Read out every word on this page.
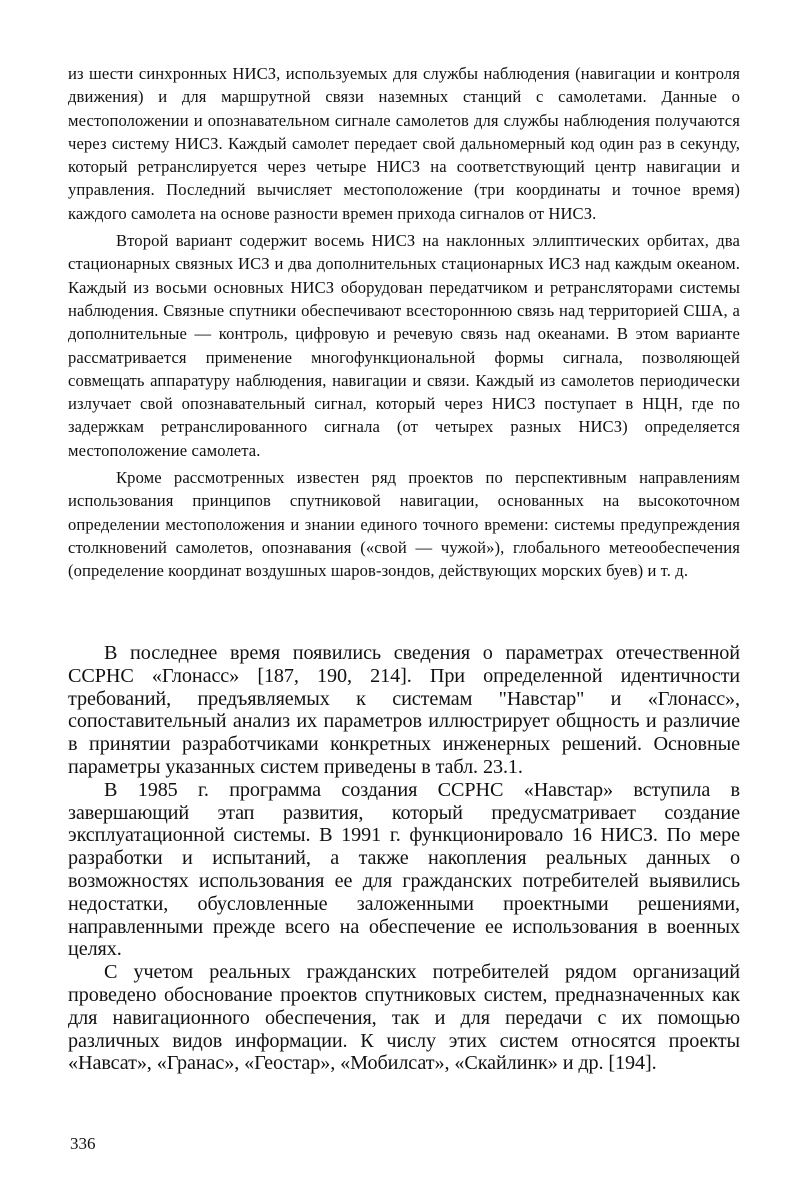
из шести синхронных НИСЗ, используемых для службы наблюдения (навигации и контроля движения) и для маршрутной связи наземных станций с самолетами. Данные о местоположении и опознавательном сигнале самолетов для службы наблюдения получаются через систему НИСЗ. Каждый самолет передает свой дальномерный код один раз в секунду, который ретранслируется через четыре НИСЗ на соответствующий центр навигации и управления. Последний вычисляет местоположение (три координаты и точное время) каждого самолета на основе разности времен прихода сигналов от НИСЗ.

Второй вариант содержит восемь НИСЗ на наклонных эллиптических орбитах, два стационарных связных ИСЗ и два дополнительных стационарных ИСЗ над каждым океаном. Каждый из восьми основных НИСЗ оборудован передатчиком и ретрансляторами системы наблюдения. Связные спутники обеспечивают всестороннюю связь над территорией США, а дополнительные — контроль, цифровую и речевую связь над океанами. В этом варианте рассматривается применение многофункциональной формы сигнала, позволяющей совмещать аппаратуру наблюдения, навигации и связи. Каждый из самолетов периодически излучает свой опознавательный сигнал, который через НИСЗ поступает в НЦН, где по задержкам ретранслированного сигнала (от четырех разных НИСЗ) определяется местоположение самолета.

Кроме рассмотренных известен ряд проектов по перспективным направлениям использования принципов спутниковой навигации, основанных на высокоточном определении местоположения и знании единого точного времени: системы предупреждения столкновений самолетов, опознавания («свой — чужой»), глобального метеообеспечения (определение координат воздушных шаров-зондов, действующих морских буев) и т. д.

В последнее время появились сведения о параметрах отечественной ССРНС «Глонасс» [187, 190, 214]. При определенной идентичности требований, предъявляемых к системам "Навстар" и «Глонасс», сопоставительный анализ их параметров иллюстрирует общность и различие в принятии разработчиками конкретных инженерных решений. Основные параметры указанных систем приведены в табл. 23.1.

В 1985 г. программа создания ССРНС «Навстар» вступила в завершающий этап развития, который предусматривает создание эксплуатационной системы. В 1991 г. функционировало 16 НИСЗ. По мере разработки и испытаний, а также накопления реальных данных о возможностях использования ее для гражданских потребителей выявились недостатки, обусловленные заложенными проектными решениями, направленными прежде всего на обеспечение ее использования в военных целях.

С учетом реальных гражданских потребителей рядом организаций проведено обоснование проектов спутниковых систем, предназначенных как для навигационного обеспечения, так и для передачи с их помощью различных видов информации. К числу этих систем относятся проекты «Навсат», «Гранас», «Геостар», «Мобилсат», «Скайлинк» и др. [194].

336
